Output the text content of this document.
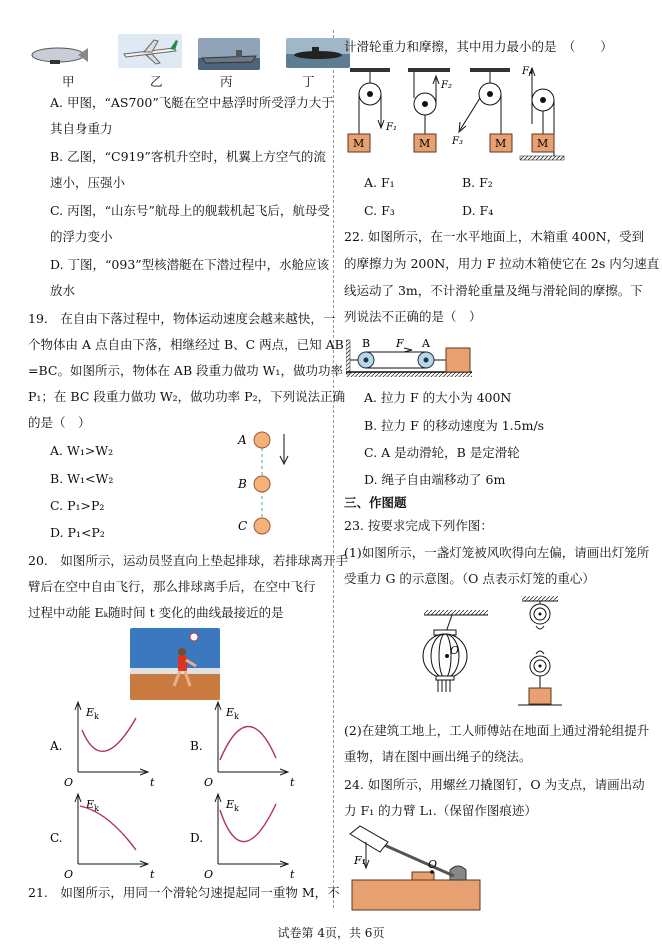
甲	乙	丙	丁
A. 甲图，“AS700”飞艇在空中悬浮时所受浮力大于
其自身重力
B. 乙图，“C919”客机升空时，机翼上方空气的流
速小，压强小
C. 丙图，“山东号”航母上的舰载机起飞后，航母受
的浮力变小
D. 丁图，“093”型核潜艇在下潜过程中，水舱应该
放水
19.　在自由下落过程中，物体运动速度会越来越快，一
个物体由 A 点自由下落，相继经过 B、C 两点，已知 AB
=BC。如图所示，物体在 AB 段重力做功 W₁，做功功率
P₁；在 BC 段重力做功 W₂，做功功率 P₂，下列说法正确
的是（　）
A. W₁>W₂
B. W₁<W₂
C. P₁>P₂
D. P₁<P₂
A
B
C
20.　如图所示，运动员竖直向上垫起排球，若排球离开手
臂后在空中自由飞行，那么排球离手后，在空中飞行
过程中动能 Eₖ随时间 t 变化的曲线最接近的是
A.
$E_k$
t
O
B.
$E_k$
t
O
C.
$E_k$
t
O
D.
$E_k$
t
O
21.　如图所示，用同一个滑轮匀速提起同一重物 M，不
计滑轮重力和摩擦，其中用力最小的是　（　　）
F₁
M
F₂
M F₃	M
F₄
M
A. F₁	B. F₂
C. F₃	D. F₄
22. 如图所示，在一水平地面上，木箱重 400N，受到
的摩擦力为 200N，用力 F 拉动木箱使它在 2s 内匀速直
线运动了 3m，不计滑轮重量及绳与滑轮间的摩擦。下
列说法不正确的是（　）
B F A
A. 拉力 F 的大小为 400N
B. 拉力 F 的移动速度为 1.5m/s
C. A 是动滑轮，B 是定滑轮
D. 绳子自由端移动了 6m
三、作图题
23. 按要求完成下列作图：
(1)如图所示，一盏灯笼被风吹得向左偏，请画出灯笼所
受重力 G 的示意图。（O 点表示灯笼的重心）
O
(2)在建筑工地上，工人师傅站在地面上通过滑轮组提升
重物，请在图中画出绳子的绕法。
24. 如图所示，用螺丝刀撬图钉，O 为支点，请画出动
力 F₁ 的力臂 L₁.（保留作图痕迹）
F₁	O
试卷第 4页，共 6页
